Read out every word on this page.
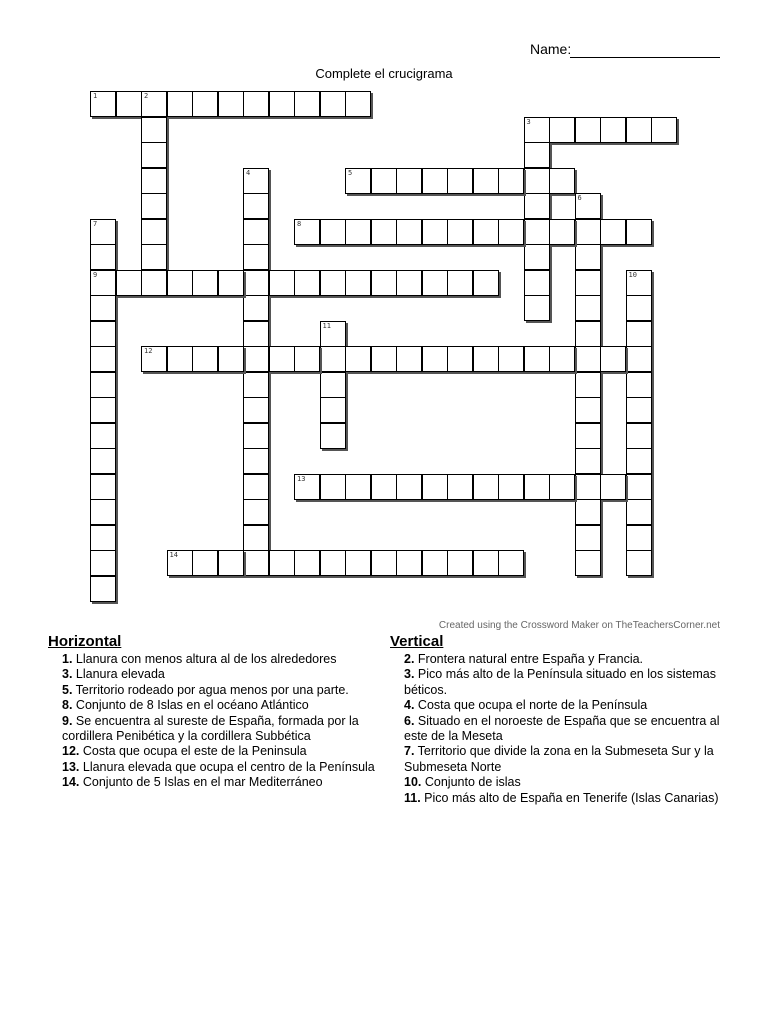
Name:
Complete el crucigrama
1	2
3
4	5
6
7
9
8
10
11
12
13
14
Created using the Crossword Maker on TheTeachersCorner.net
Horizontal
1. Llanura con menos altura al de los alrededores
3. Llanura elevada
5. Territorio rodeado por agua menos por una parte.
8. Conjunto de 8 Islas en el océano Atlántico
9. Se encuentra al sureste de España, formada por la cordillera Penibética y la cordillera Subbética
12. Costa que ocupa el este de la Peninsula
13. Llanura elevada que ocupa el centro de la Península
14. Conjunto de 5 Islas en el mar Mediterráneo
Vertical
2. Frontera natural entre España y Francia.
3. Pico más alto de la Península situado en los sistemas béticos.
4. Costa que ocupa el norte de la Península
6. Situado en el noroeste de España que se encuentra al este de la Meseta
7. Territorio que divide la zona en la Submeseta Sur y la Submeseta Norte
10. Conjunto de islas
11. Pico más alto de España en Tenerife (Islas Canarias)
